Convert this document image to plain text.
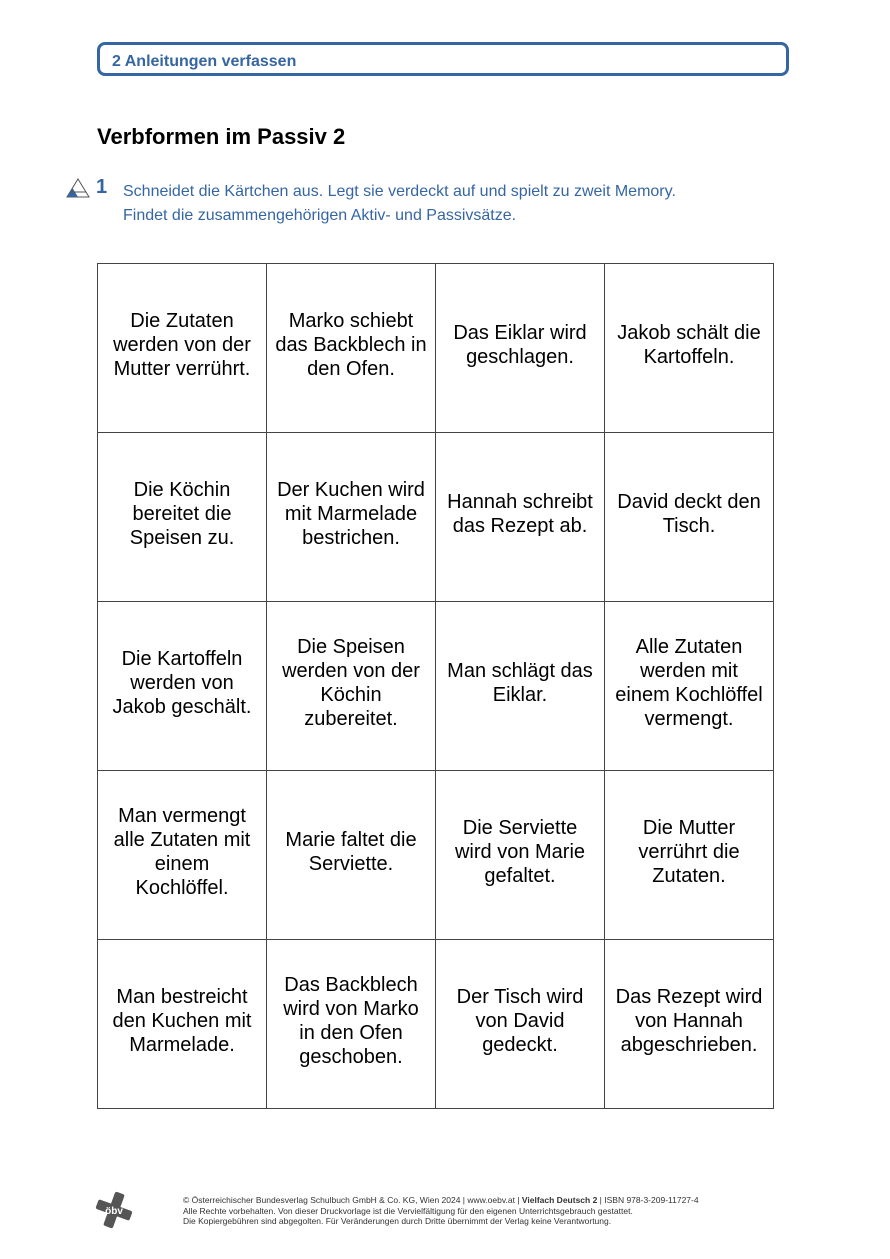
2 Anleitungen verfassen
Verbformen im Passiv 2
1 Schneidet die Kärtchen aus. Legt sie verdeckt auf und spielt zu zweit Memory.
Findet die zusammengehörigen Aktiv- und Passivsätze.
Die Zutaten werden von der Mutter verrührt.	Marko schiebt das Backblech in den Ofen.	Das Eiklar wird geschlagen.	Jakob schält die Kartoffeln.
Die Köchin bereitet die Speisen zu.	Der Kuchen wird mit Marmelade bestrichen.	Hannah schreibt das Rezept ab.	David deckt den Tisch.
Die Kartoffeln werden von Jakob geschält.	Die Speisen werden von der Köchin zubereitet.	Man schlägt das Eiklar.	Alle Zutaten werden mit einem Kochlöffel vermengt.
Man vermengt alle Zutaten mit einem Kochlöffel.	Marie faltet die Serviette.	Die Serviette wird von Marie gefaltet.	Die Mutter verrührt die Zutaten.
Man bestreicht den Kuchen mit Marmelade.	Das Backblech wird von Marko in den Ofen geschoben.	Der Tisch wird von David gedeckt.	Das Rezept wird von Hannah abgeschrieben.
öbv
© Österreichischer Bundesverlag Schulbuch GmbH & Co. KG, Wien 2024 | www.oebv.at | Vielfach Deutsch 2 | ISBN 978-3-209-11727-4
Alle Rechte vorbehalten. Von dieser Druckvorlage ist die Vervielfältigung für den eigenen Unterrichtsgebrauch gestattet.
Die Kopiergebühren sind abgegolten. Für Veränderungen durch Dritte übernimmt der Verlag keine Verantwortung.
